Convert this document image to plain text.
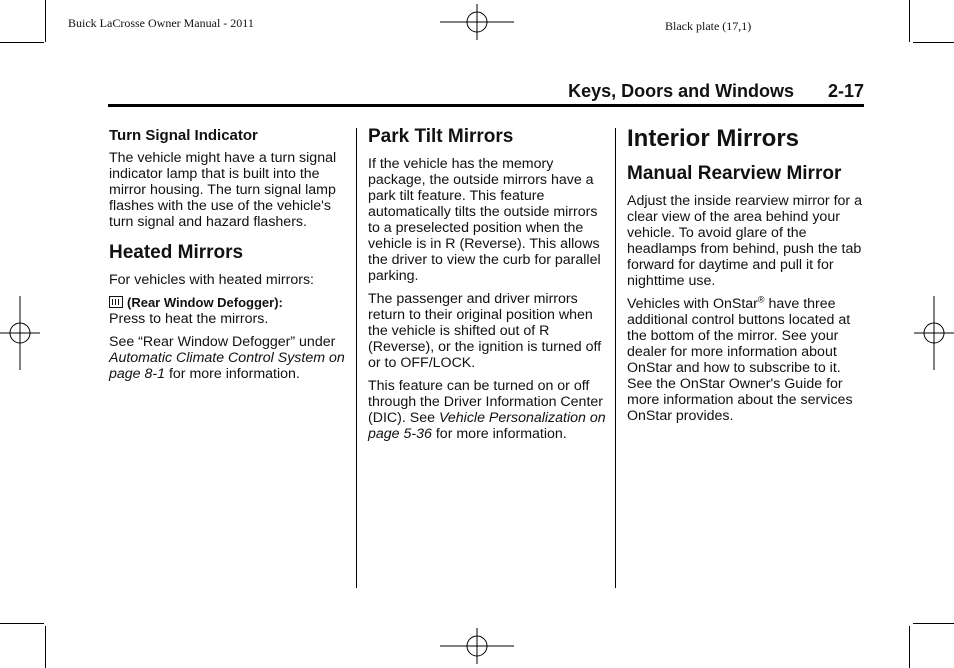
Buick LaCrosse Owner Manual - 2011	Black plate (17,1)
Keys, Doors and Windows 2-17
Turn Signal Indicator

The vehicle might have a turn signal indicator lamp that is built into the mirror housing. The turn signal lamp flashes with the use of the vehicle's turn signal and hazard flashers.

Heated Mirrors

For vehicles with heated mirrors:

(Rear Window Defogger):
Press to heat the mirrors.

See “Rear Window Defogger” under Automatic Climate Control System on page 8-1 for more information.

Park Tilt Mirrors

If the vehicle has the memory package, the outside mirrors have a park tilt feature. This feature automatically tilts the outside mirrors to a preselected position when the vehicle is in R (Reverse). This allows the driver to view the curb for parallel parking.

The passenger and driver mirrors return to their original position when the vehicle is shifted out of R (Reverse), or the ignition is turned off or to OFF/LOCK.

This feature can be turned on or off through the Driver Information Center (DIC). See Vehicle Personalization on page 5-36 for more information.

Interior Mirrors
Manual Rearview Mirror

Adjust the inside rearview mirror for a clear view of the area behind your vehicle. To avoid glare of the headlamps from behind, push the tab forward for daytime and pull it for nighttime use.

Vehicles with OnStar® have three additional control buttons located at the bottom of the mirror. See your dealer for more information about OnStar and how to subscribe to it. See the OnStar Owner's Guide for more information about the services OnStar provides.
